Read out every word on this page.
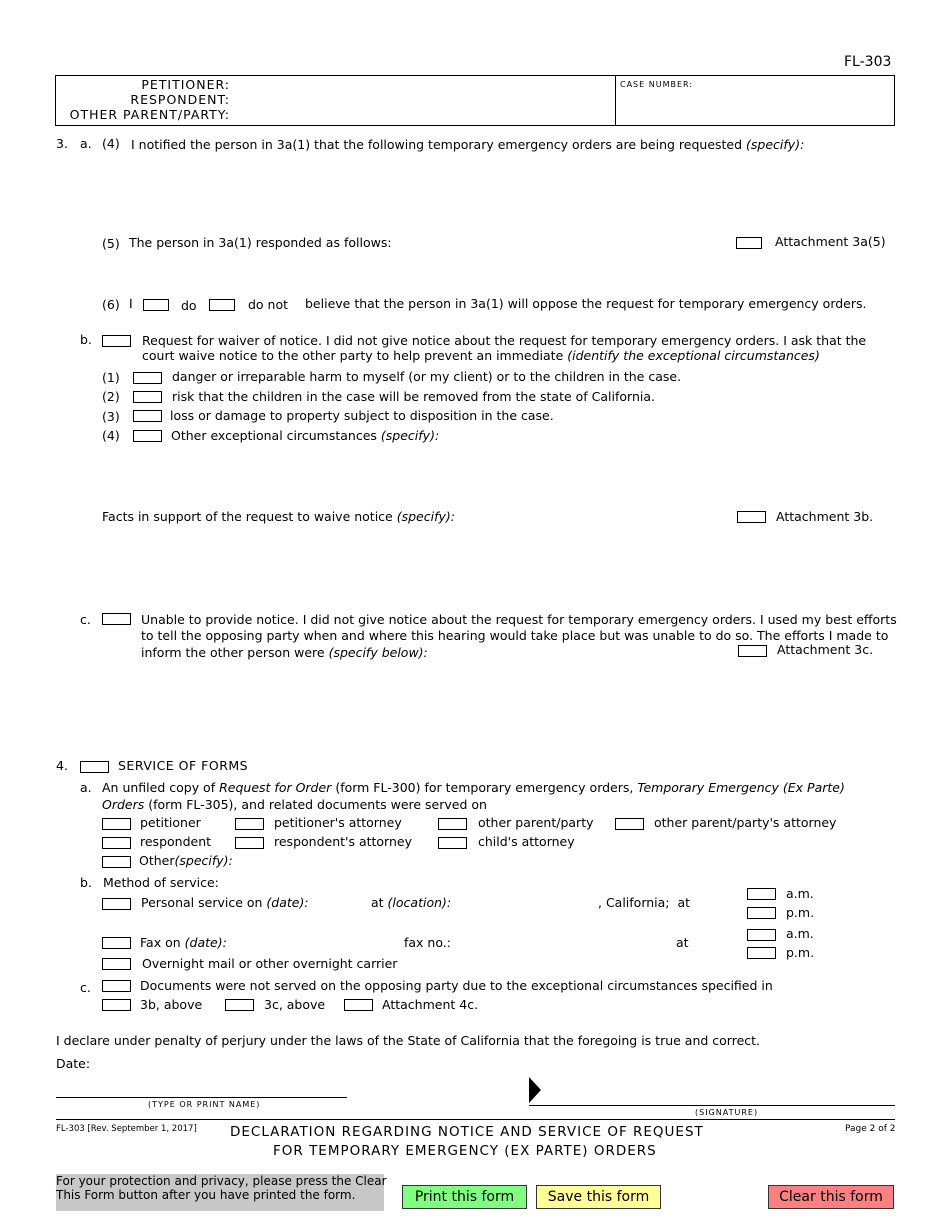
FL-303
PETITIONER:
RESPONDENT:
OTHER PARENT/PARTY:
CASE NUMBER:
3. a. (4) I notified the person in 3a(1) that the following temporary emergency orders are being requested (specify):
(5) The person in 3a(1) responded as follows:	Attachment 3a(5)
(6) I	do	do not believe that the person in 3a(1) will oppose the request for temporary emergency orders.
b.	Request for waiver of notice. I did not give notice about the request for temporary emergency orders. I ask that the
court waive notice to the other party to help prevent an immediate (identify the exceptional circumstances)
(1)	danger or irreparable harm to myself (or my client) or to the children in the case.
(2)	risk that the children in the case will be removed from the state of California.
(3)	loss or damage to property subject to disposition in the case.
(4)	Other exceptional circumstances (specify):
Facts in support of the request to waive notice (specify):	Attachment 3b.
c.	Unable to provide notice. I did not give notice about the request for temporary emergency orders. I used my best efforts
to tell the opposing party when and where this hearing would take place but was unable to do so. The efforts I made to
inform the other person were (specify below):	Attachment 3c.
4.	SERVICE OF FORMS
a. An unfiled copy of Request for Order (form FL-300) for temporary emergency orders, Temporary Emergency (Ex Parte)
Orders (form FL-305), and related documents were served on
petitioner	petitioner's attorney	other parent/party	other parent/party's attorney
respondent	respondent's attorney	child's attorney
Other(specify):
b. Method of service:
Personal service on (date):	at (location):	, California; at
a.m.
p.m.
Fax on (date):	fax no.:	at
a.m.
p.m.
Overnight mail or other overnight carrier
c.	Documents were not served on the opposing party due to the exceptional circumstances specified in
3b, above	3c, above	Attachment 4c.
I declare under penalty of perjury under the laws of the State of California that the foregoing is true and correct.
Date:
(TYPE OR PRINT NAME)
(SIGNATURE)
FL-303 [Rev. September 1, 2017] DECLARATION REGARDING NOTICE AND SERVICE OF REQUEST
FOR TEMPORARY EMERGENCY (EX PARTE) ORDERS
Page 2 of 2
For your protection and privacy, please press the Clear
This Form button after you have printed the form.	Print this form	Save this form	Clear this form
